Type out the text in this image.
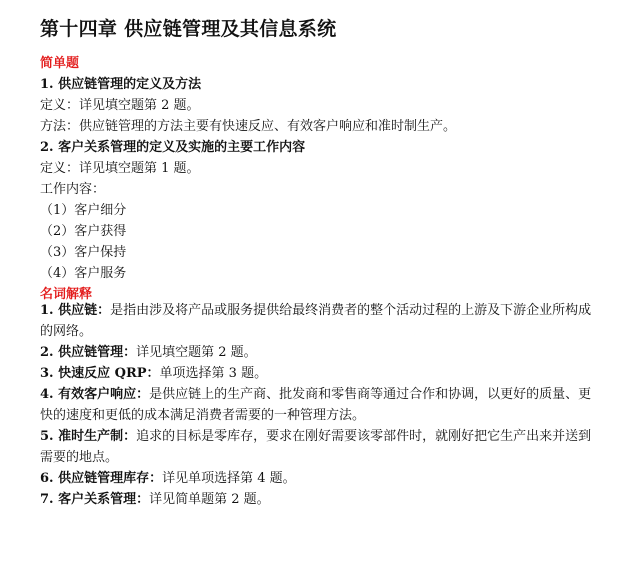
第十四章 供应链管理及其信息系统
简单题
1. 供应链管理的定义及方法
定义：详见填空题第 2 题。
方法：供应链管理的方法主要有快速反应、有效客户响应和准时制生产。
2. 客户关系管理的定义及实施的主要工作内容
定义：详见填空题第 1 题。
工作内容：
（1）客户细分
（2）客户获得
（3）客户保持
（4）客户服务
名词解释
1. 供应链：是指由涉及将产品或服务提供给最终消费者的整个活动过程的上游及下游企业所构成的网络。
2. 供应链管理：详见填空题第 2 题。
3. 快速反应 QRP：单项选择第 3 题。
4. 有效客户响应：是供应链上的生产商、批发商和零售商等通过合作和协调，以更好的质量、更快的速度和更低的成本满足消费者需要的一种管理方法。
5. 准时生产制：追求的目标是零库存，要求在刚好需要该零部件时，就刚好把它生产出来并送到需要的地点。
6. 供应链管理库存：详见单项选择第 4 题。
7. 客户关系管理：详见简单题第 2 题。
